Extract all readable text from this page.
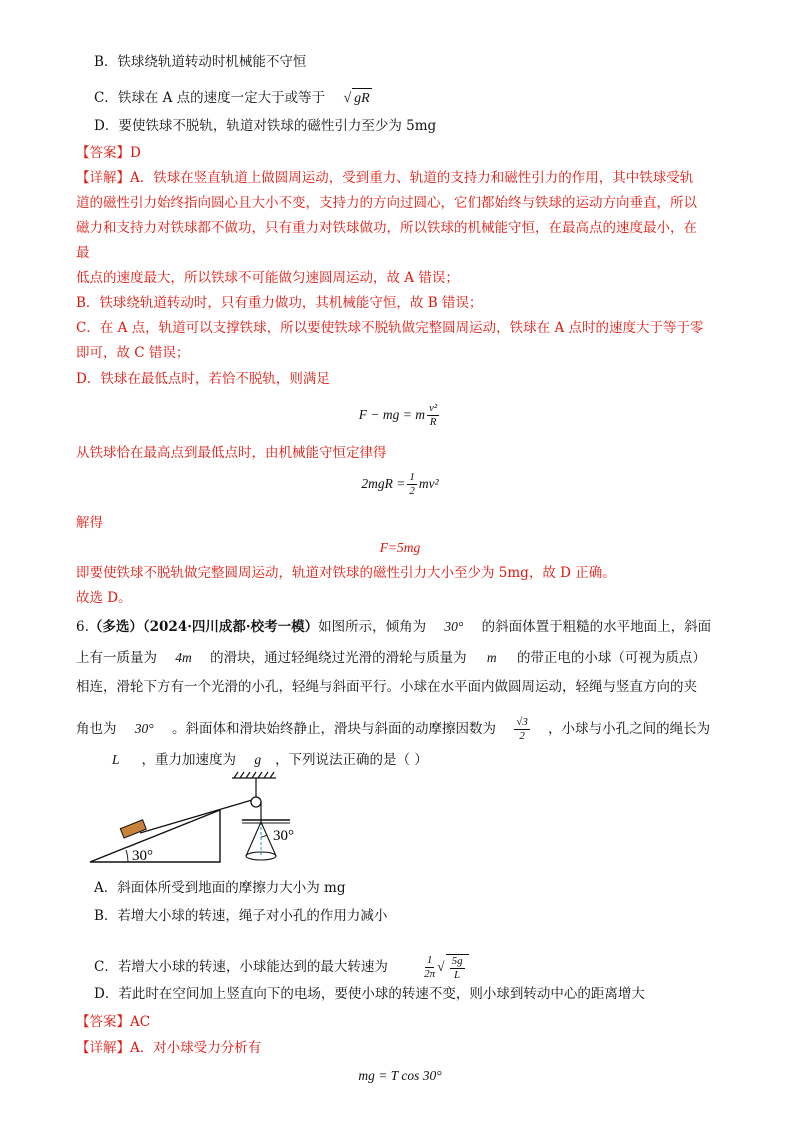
B．铁球绕轨道转动时机械能不守恒
C．铁球在 A 点的速度一定大于或等于 √ gR
D．要使铁球不脱轨，轨道对铁球的磁性引力至少为 5mg
【答案】D
【详解】A．铁球在竖直轨道上做圆周运动，受到重力、轨道的支持力和磁性引力的作用，其中铁球受轨
道的磁性引力始终指向圆心且大小不变，支持力的方向过圆心，它们都始终与铁球的运动方向垂直，所以
磁力和支持力对铁球都不做功，只有重力对铁球做功，所以铁球的机械能守恒，在最高点的速度最小，在
最
低点的速度最大，所以铁球不可能做匀速圆周运动，故 A 错误；
B．铁球绕轨道转动时，只有重力做功，其机械能守恒，故 B 错误；
C．在 A 点，轨道可以支撑铁球，所以要使铁球不脱轨做完整圆周运动，铁球在 A 点时的速度大于等于零
即可，故 C 错误；
D．铁球在最低点时，若恰不脱轨，则满足
F − mg = m $\frac{\text{v²}}{R}$
从铁球恰在最高点到最低点时，由机械能守恒定律得
$2mgR = \frac{1}{2} mv^2$
解得
F=5mg
即要使铁球不脱轨做完整圆周运动，轨道对铁球的磁性引力大小至少为 5mg，故 D 正确。
故选 D。
6.（多选）（2024·四川成都·校考一模）如图所示，倾角为 30° 的斜面体置于粗糙的水平地面上，斜面
上有一质量为 4m 的滑块，通过轻绳绕过光滑的滑轮与质量为 m 的带正电的小球（可视为质点）
相连，滑轮下方有一个光滑的小孔，轻绳与斜面平行。小球在水平面内做圆周运动，轻绳与竖直方向的夹
角也为 30° 。斜面体和滑块始终静止，滑块与斜面的动摩擦因数为 $\frac{√3}{2}$ ，小球与小孔之间的绳长为
L ，重力加速度为 g ，下列说法正确的是（ ）
30°
30°
A．斜面体所受到地面的摩擦力大小为 mg
B．若增大小球的转速，绳子对小孔的作用力减小
C．若增大小球的转速，小球能达到的最大转速为	$\frac{1}{2\pi}$ √ $\frac{5g}{L}$
D．若此时在空间加上竖直向下的电场，要使小球的转速不变，则小球到转动中心的距离增大
【答案】AC
【详解】A．对小球受力分析有
mg = T cos 30°
